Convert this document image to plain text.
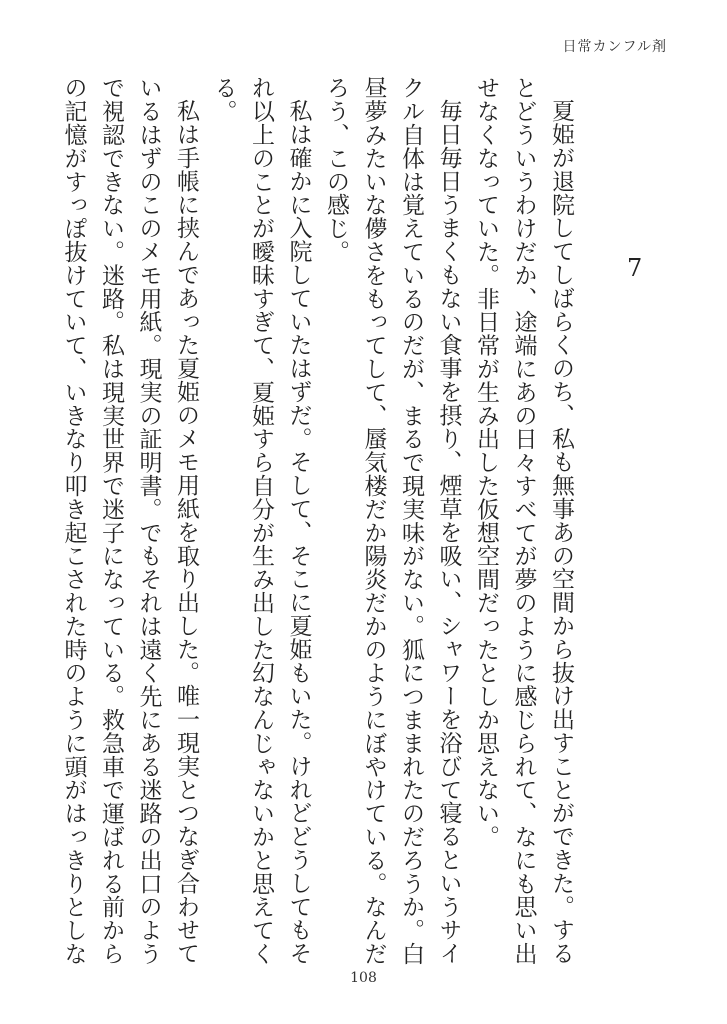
日常カンフル剤
7

夏姫が退院してしばらくのち、私も無事あの空間から抜け出すことができた。するとどういうわけだか、途端にあの日々すべてが夢のように感じられて、なにも思い出せなくなっていた。非日常が生み出した仮想空間だったとしか思えない。

毎日毎日うまくもない食事を摂り、煙草を吸い、シャワーを浴びて寝るというサイクル自体は覚えているのだが、まるで現実味がない。狐につままれたのだろうか。白昼夢みたいな儚さをもってして、蜃気楼だか陽炎だかのようにぼやけている。なんだろう、この感じ。

私は確かに入院していたはずだ。そして、そこに夏姫もいた。けれどどうしてもそれ以上のことが曖昧すぎて、夏姫すら自分が生み出した幻なんじゃないかと思えてくる。

私は手帳に挟んであった夏姫のメモ用紙を取り出した。唯一現実とつなぎ合わせているはずのこのメモ用紙。現実の証明書。でもそれは遠く先にある迷路の出口のようで視認できない。迷路。私は現実世界で迷子になっている。救急車で運ばれる前からの記憶がすっぽ抜けていて、いきなり叩き起こされた時のように頭がはっきりとしな

108
